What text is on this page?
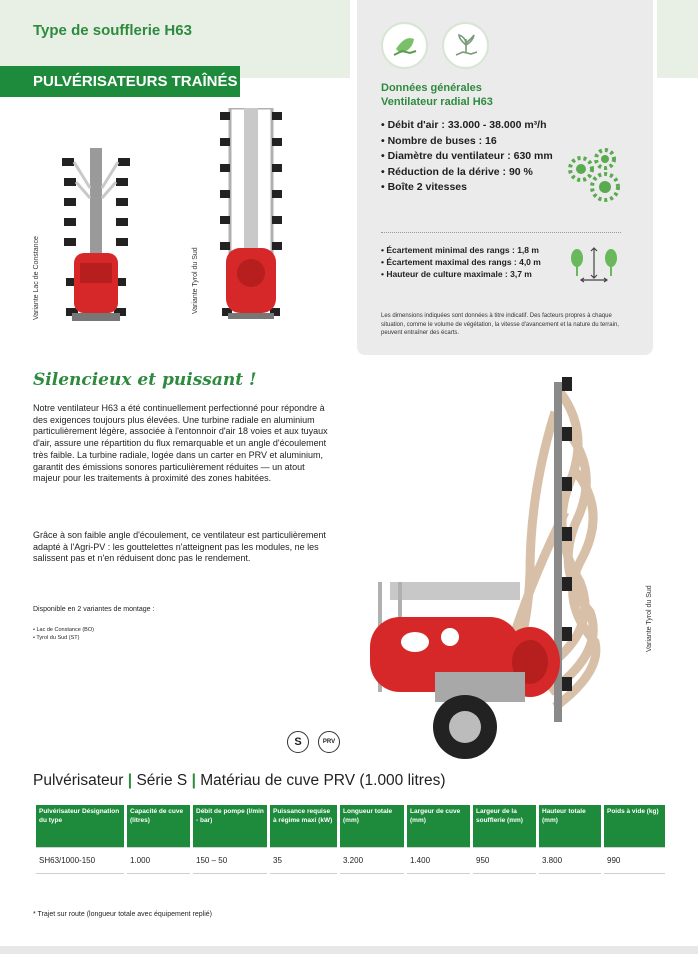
Type de soufflerie H63
PULVÉRISATEURS TRAÎNÉS
Variante Lac de Constance	Variante Tyrol du Sud
Données générales
Ventilateur radial H63
• Débit d'air : 33.000 - 38.000 m³/h
• Nombre de buses : 16
• Diamètre du ventilateur : 630 mm
• Réduction de la dérive : 90 %
• Boîte 2 vitesses
• Écartement minimal des rangs : 1,8 m
• Écartement maximal des rangs : 4,0 m
• Hauteur de culture maximale : 3,7 m
Les dimensions indiquées sont données à titre indicatif. Des facteurs propres à chaque situation, comme le volume de végétation, la vitesse d'avancement et la nature du terrain, peuvent entraîner des écarts.
Silencieux et puissant !
Notre ventilateur H63 a été continuellement perfectionné pour répondre à des exigences toujours plus élevées. Une turbine radiale en aluminium particulièrement légère, associée à l'entonnoir d'air 18 voies et aux tuyaux d'air, assure une répartition du flux remarquable et un angle d'écoulement très faible. La turbine radiale, logée dans un carter en PRV et aluminium, garantit des émissions sonores particulièrement réduites — un atout majeur pour les traitements à proximité des zones habitées.
Grâce à son faible angle d'écoulement, ce ventilateur est particulièrement adapté à l'Agri-PV : les gouttelettes n'atteignent pas les modules, ne les salissent pas et n'en réduisent donc pas le rendement.
Disponible en 2 variantes de montage :
• Lac de Constance (BO)
• Tyrol du Sud (ST)	Variante Tyrol du Sud
S	PRV
Pulvérisateur | Série S | Matériau de cuve PRV (1.000 litres)
Pulvérisateur Désignation du type	Capacité de cuve (litres)	Débit de pompe (l/min - bar)	Puissance requise à régime maxi (kW)	Longueur totale (mm)	Largeur de cuve (mm)	Largeur de la soufflerie (mm)	Hauteur totale (mm)	Poids à vide (kg)
SH63/1000-150	1.000	150 – 50	35	3.200	1.400	950	3.800	990
* Trajet sur route (longueur totale avec équipement replié)
